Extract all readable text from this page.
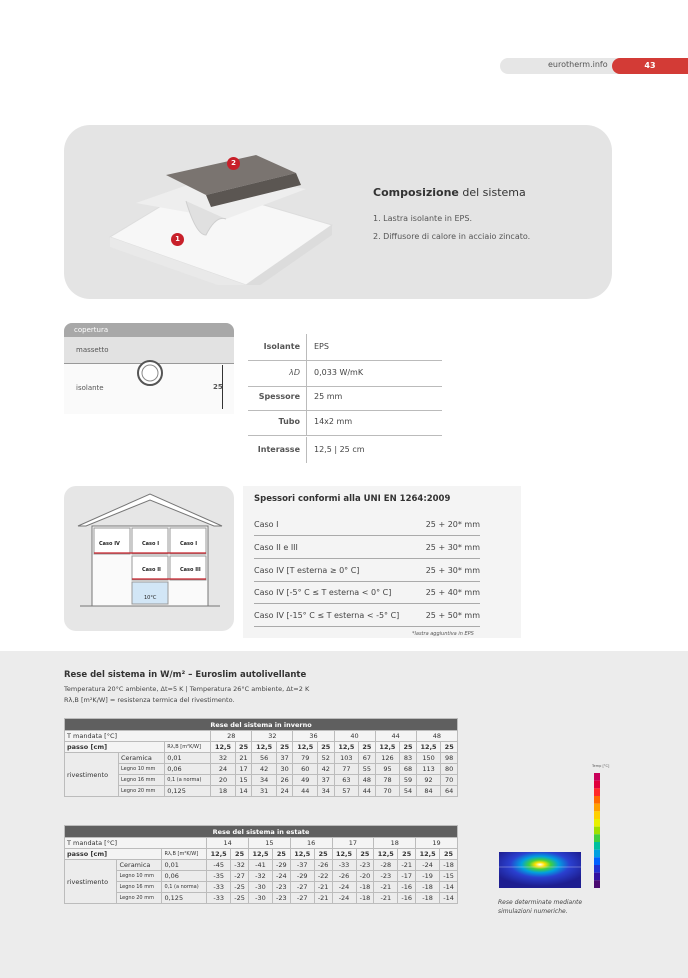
eurotherm.info	43
2
1
Composizione del sistema
1. Lastra isolante in EPS.
2. Diffusore di calore in acciaio zincato.
copertura
massetto
isolante	25
Isolante EPS
λD 0,033 W/mK
Spessore 25 mm
Tubo 14x2 mm
Interasse 12,5 | 25 cm
Caso IV	Caso I	Caso I
Caso II	Caso III
10°C
Spessori conformi alla UNI EN 1264:2009
Caso I	25 + 20* mm
Caso II e III	25 + 30* mm
Caso IV [T esterna ≥ 0° C]	25 + 30* mm
Caso IV [-5° C ≤ T esterna < 0° C]	25 + 40* mm
Caso IV [-15° C ≤ T esterna < -5° C]	25 + 50* mm
*lastra aggiuntiva in EPS
Rese del sistema in W/m² – Euroslim autolivellante
Temperatura 20°C ambiente, Δt=5 K | Temperatura 26°C ambiente, Δt=2 K
Rλ,B [m²K/W] = resistenza termica del rivestimento.
Rese del sistema in inverno														
T mandata [°C]			28		32		36		40		44		48	
passo [cm]		Rλ,B [m²K/W]	12,5	25	12,5	25	12,5	25	12,5	25	12,5	25	12,5	25
rivestimento	Ceramica	0,01	32	21	56	37	79	52	103	67	126	83	150	98
	Legno 10 mm	0,06	24	17	42	30	60	42	77	55	95	68	113	80
	Legno 16 mm	0,1 (a norma)	20	15	34	26	49	37	63	48	78	59	92	70
	Legno 20 mm	0,125	18	14	31	24	44	34	57	44	70	54	84	64
Rese del sistema in estate														
T mandata [°C]			14		15		16		17		18		19	
passo [cm]		Rλ,B [m²K/W]	12,5	25	12,5	25	12,5	25	12,5	25	12,5	25	12,5	25
rivestimento	Ceramica	0,01	-45	-32	-41	-29	-37	-26	-33	-23	-28	-21	-24	-18
	Legno 10 mm	0,06	-35	-27	-32	-24	-29	-22	-26	-20	-23	-17	-19	-15
	Legno 16 mm	0,1 (a norma)	-33	-25	-30	-23	-27	-21	-24	-18	-21	-16	-18	-14
	Legno 20 mm	0,125	-33	-25	-30	-23	-27	-21	-24	-18	-21	-16	-18	-14
Temp [°C]
Rese determinate mediante simulazioni numeriche.
